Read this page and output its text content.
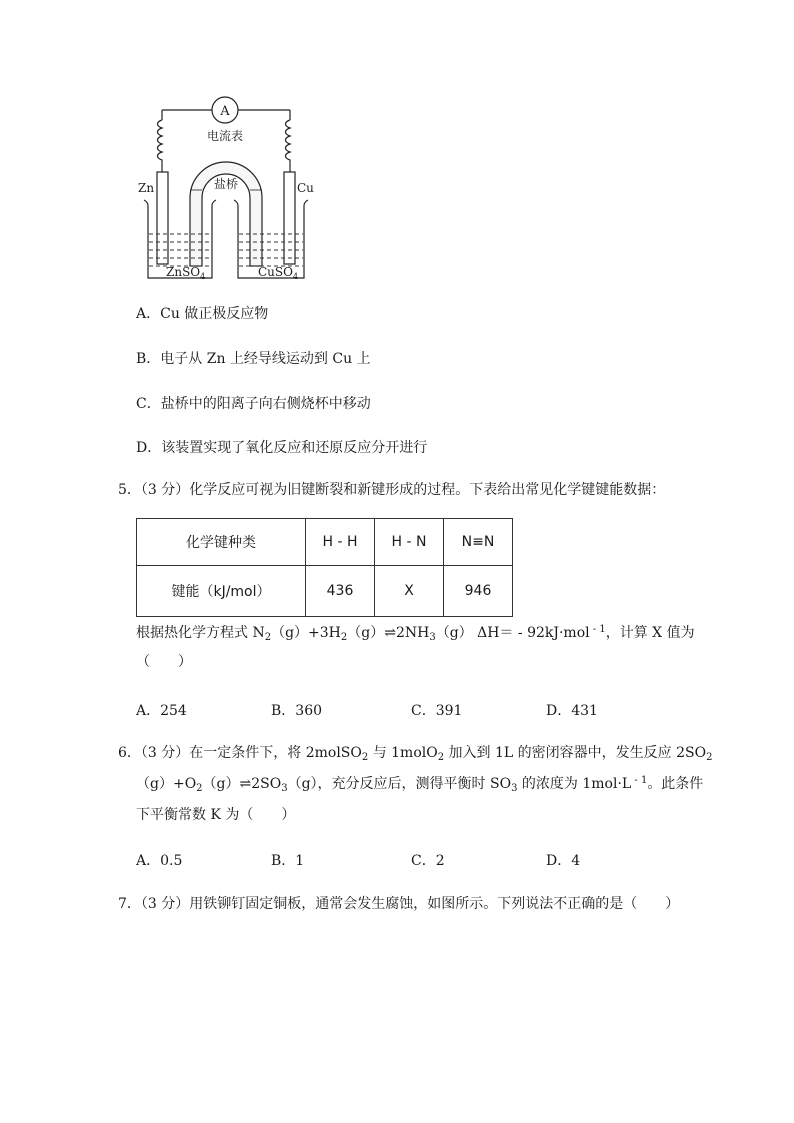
A
电流表
盐桥
Zn	Cu
ZnSO$_4$	CuSO$_4$
A．Cu 做正极反应物
B．电子从 Zn 上经导线运动到 Cu 上
C．盐桥中的阳离子向右侧烧杯中移动
D．该装置实现了氧化反应和还原反应分开进行
5．（3 分）化学反应可视为旧键断裂和新键形成的过程。下表给出常见化学键键能数据：
化学键种类	H - H	H - N	N≡N
键能（kJ/mol）	436	X	946
根据热化学方程式 $N_2(g)+3H_2(g)\rightleftharpoons 2NH_3(g)$ ΔH＝ - 92kJ·mol $^{- 1}$，计算 X 值为
（　　）
A．254	B．360	C．391	D．431
6．（3 分）在一定条件下，将 2molSO$_2$ 与 1molO$_2$ 加入到 1L 的密闭容器中，发生反应 $2SO_2$
$(g)+O_2(g)\rightleftharpoons 2SO_3(g)$，充分反应后，测得平衡时 $SO_3$ 的浓度为 1mol·L $^{- 1}$。此条件
下平衡常数 K 为（　　）
A．0.5	B．1	C．2	D．4
7．（3 分）用铁铆钉固定铜板，通常会发生腐蚀，如图所示。下列说法不正确的是（　　）
